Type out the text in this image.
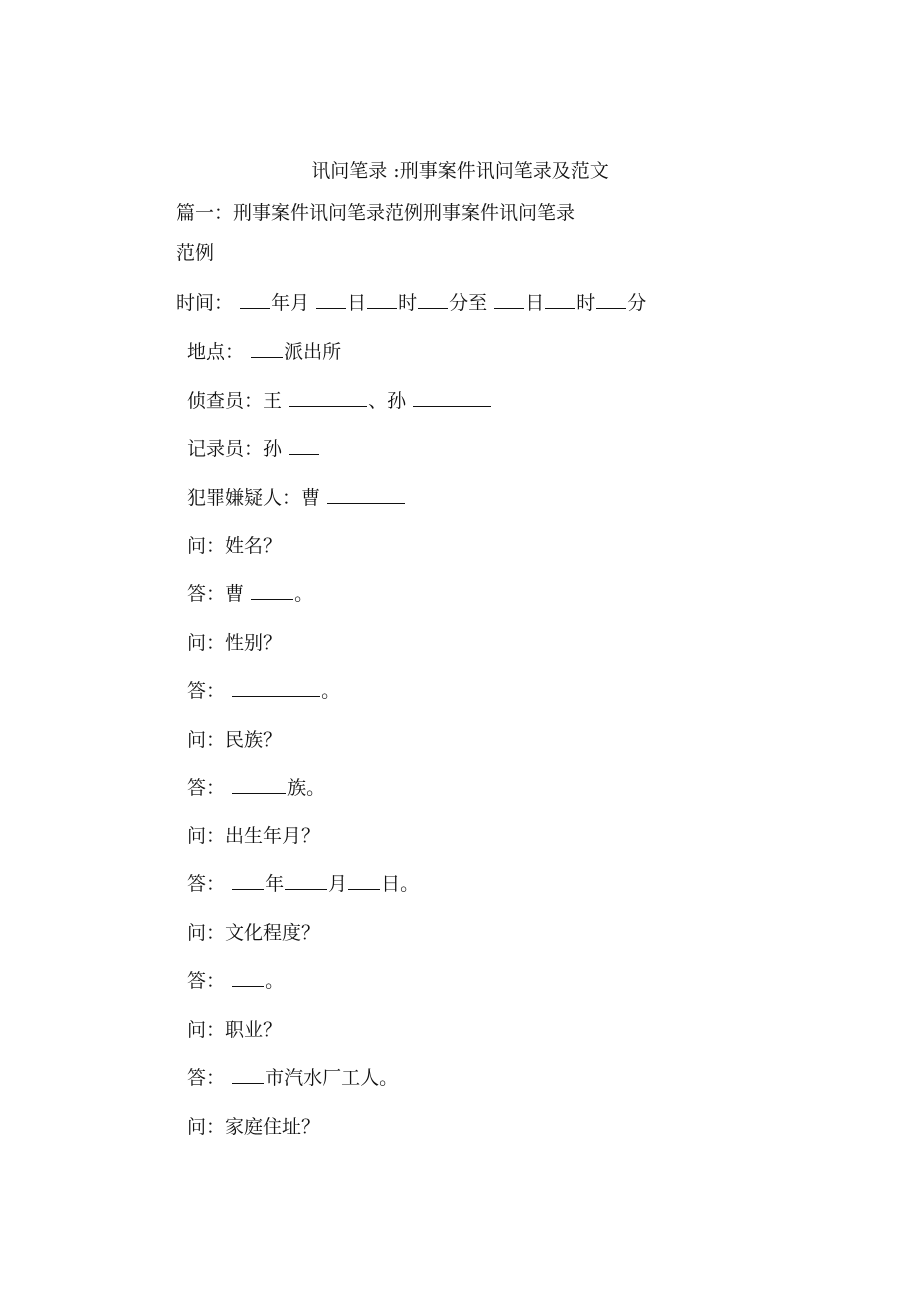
讯问笔录 :刑事案件讯问笔录及范文
篇一：刑事案件讯问笔录范例刑事案件讯问笔录
范例
时间： 年月 日 时 分至 日 时 分
地点： 派出所
侦查员：王	、孙
记录员：孙
犯罪嫌疑人：曹
问：姓名？
答：曹	。
问：性别？
答：	。
问：民族？
答：	族。
问：出生年月？
答： 年 月 日。
问：文化程度？
答： 。
问：职业？
答： 市汽水厂工人。
问：家庭住址？
